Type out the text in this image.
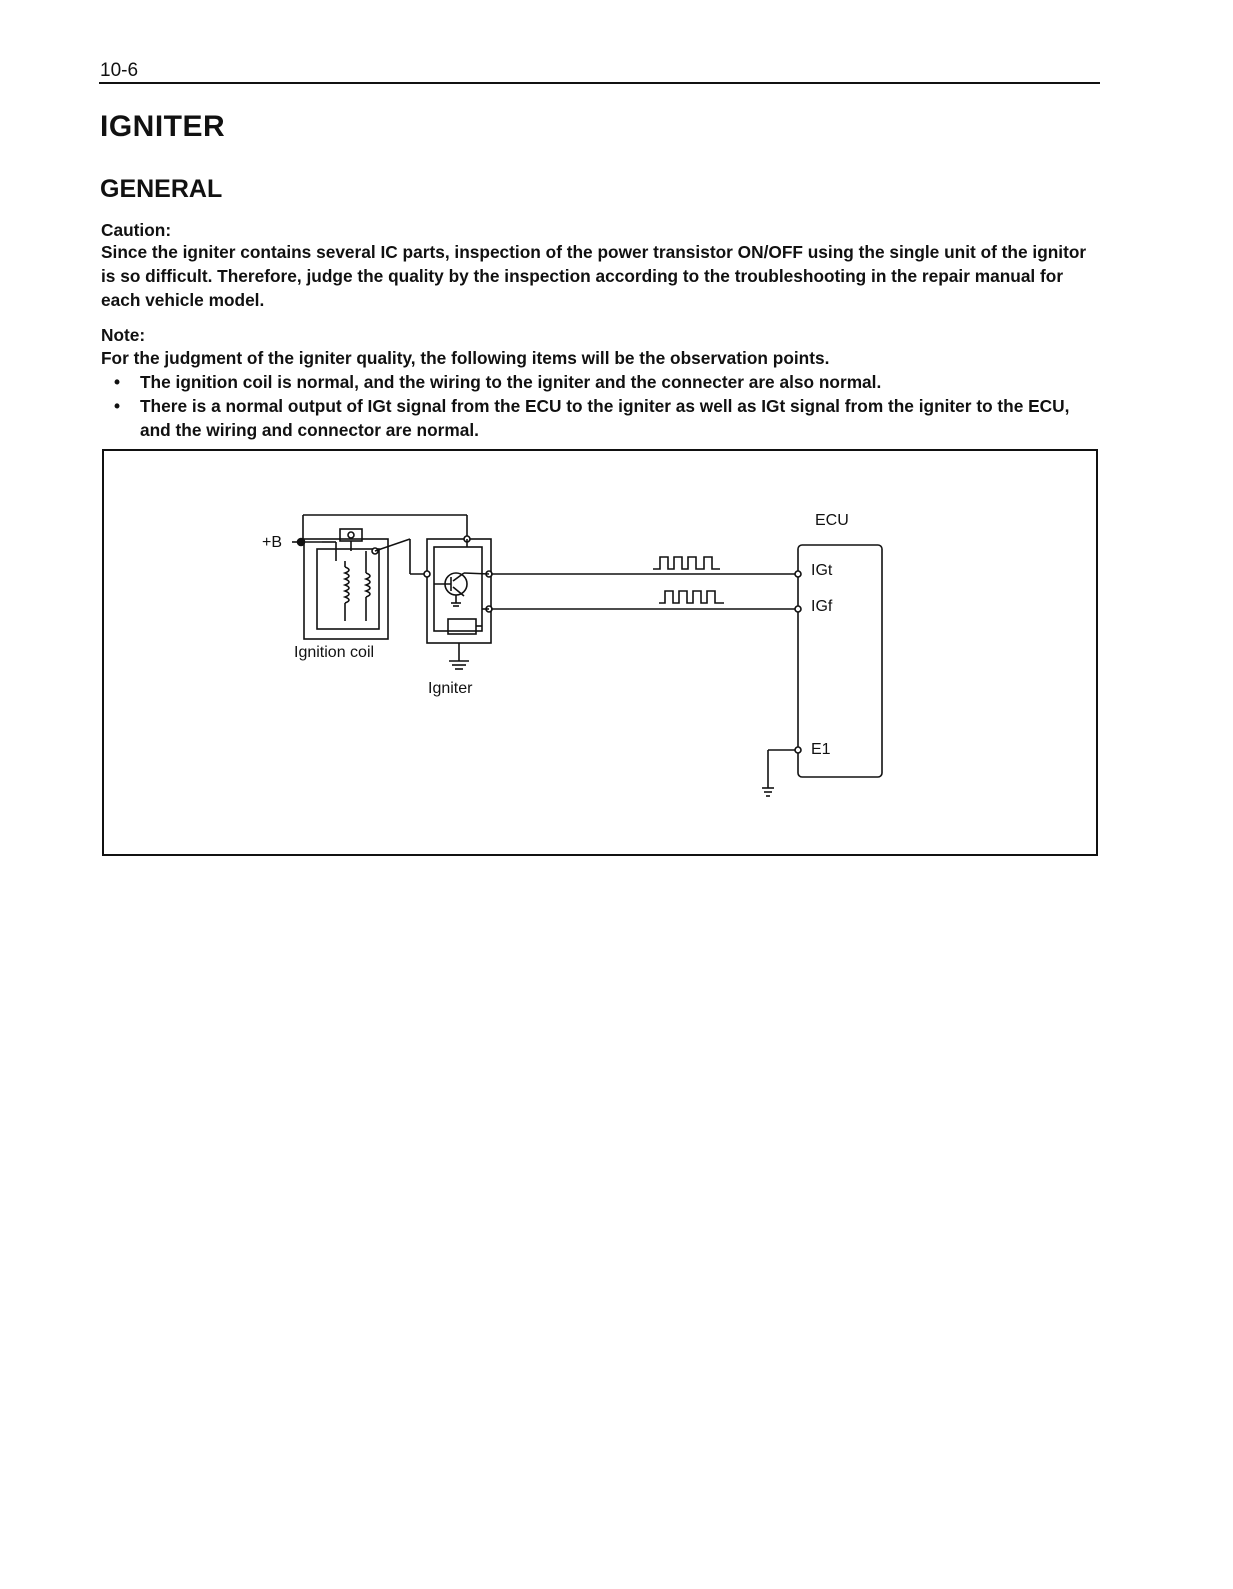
10-6
IGNITER
GENERAL
Caution:
Since the igniter contains several IC parts, inspection of the power transistor ON/OFF using the single unit of the ignitor is so difficult. Therefore, judge the quality by the inspection according to the troubleshooting in the repair manual for each vehicle model.
Note:
For the judgment of the igniter quality, the following items will be the observation points.
• The ignition coil is normal, and the wiring to the igniter and the connecter are also normal.
• There is a normal output of IGt signal from the ECU to the igniter as well as IGt signal from the igniter to the ECU, and the wiring and connector are normal.
+B
Ignition coil
Igniter
ECU
IGt
IGf
E1
